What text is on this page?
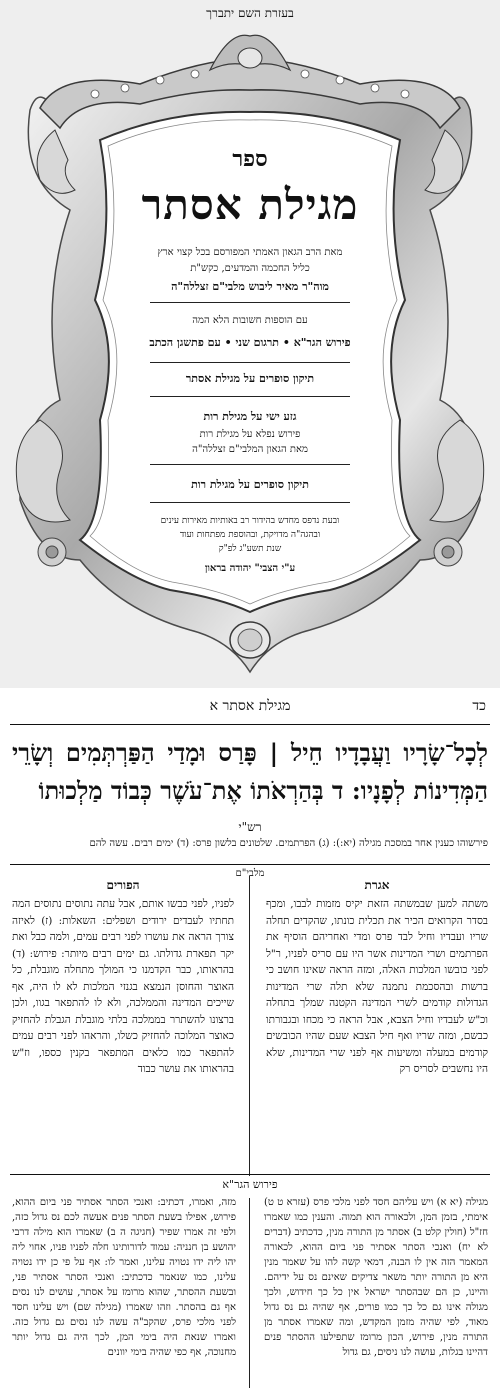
בעזרת השם יתברך
ספר
מגילת אסתר
מאת הרב הגאון האמתי המפורסם בכל קצוי ארץ
כליל החכמה והמדעים, כקש"ת
מוה"ר מאיר ליבוש מלבי"ם זצללה"ה
עם הוספות חשובות הלא המה
פירוש הגר"א • תרגום שני • עם פתשגן הכתב
תיקון סופרים על מגילת אסתר
גזע ישי על מגילת רות
פירוש נפלא על מגילת רות
מאת הגאון המלבי"ם זצללה"ה
תיקון סופרים על מגילת רות
ובעת נדפס מחדש בהידור רב באותיות מאירות עינים
ובהגה"ה מדויקת, ובהוספת מפתחות ועוד
שנת תשע"ג לפ"ק
ע"י הצבי" יהודה בראון
כד
מגילת אסתר א
לְכָל־שָׂרָיו וַעֲבָדָיו חֵיל | פָּרַס וּמָדַי הַפַּרְתְּמִים וְשָׂרֵי הַמְּדִינוֹת לְפָנָיו: ד בְּהַרְאֹתוֹ אֶת־עֹשֶׁר כְּבוֹד מַלְכוּתוֹ
רש"י
פירשוהו כענין אחר במסכת מגילה (יא:): (ג) הפרתמים. שלטונים בלשון פרס: (ד) ימים רבים. עשה להם
מלבי"ם
אגרת
הפורים
משתה למען שבמשתה הזאת יקיס מזמות לבבו, ומכף בסדר הקרואים הכיר את תכלית כונתו, שהקדים תחלה שריו ועבדיו וחיל לבד פרס ומדי ואחריהם הוסיף את הפרתמים ושרי המדינות אשר היו עם סריס לפניו, ר"ל לפני כובשו המלכות האלה, ומזה הראה שאינו חושב כי ברשות ובהסכמת נתמנה שלא תלה שרי המדינות הגדולות קודמים לשרי המדינה הקטנה שמלך בתחלה וכ"ש לעבדיו וחיל הצבא, אבל הראה כי מכחו ובגבורתו כבשם, ומזה שריו ואף חיל הצבא שעם שהיו הכובשים קודמים במעלה ומשיעות אף לפני שרי המדינות, שלא היו נחשבים לסריס רק
לפניו, לפני כבשו אותם, אבל עתה נתוסים נתוסים המה תחתיו לעבדים ירודים ושפלים: השאלות: (ז) לאיזה צורך הראה את עושרו לפני רבים עמים, ולמה כבל ואת יקר תפארת גדולתו. גם ימים רבים מיותר: פירוש: (ד) בהראותו, כבר הקדמנו כי המולך מתחלה מוגבלת, כל האוצר והחוסן הנמצא בגנזי המלכות לא לו היה, אף שייכים המדינה והממלכה, ולא לו להתפאר בגוו, ולכן ברצונו להשתרר בממלכה בלתי מוגבלת הגבלת להחזיק כאוצר המלוכה להחזיק כשלו, והראהו לפני רבים עמים להתפאר כמו כלאים המתפאר בקנין כספו, וז"ש בהראותו את עושר כבוד
פירוש הגר"א
מגילה (יא א) ויש עליהם חסד לפני מלכי פרס (עזרא ט ט) אימתי, בזמן המן, ולכאורה הוא תמוה. והענין כמו שאמרו חז"ל (חולין קלט ב) אסתר מן התורה מנין, כדכתיב (דברים לא יח) ואנכי הסתר אסתיר פני ביום ההוא, לכאורה המאמר הזה אין לו הבנה, דמאי קשה להו על שאמר מנין היא מן התורה יותר משאר צדיקים שאינם נס על ידיהם. והיינו, כן הם שבהסתר ישראל אין כל כך חידוש, ולכך מגולה אינו גם כל כך כמו פורים, אף שהיה גם נס גדול מאוד, לפי שהיה מזמן המקדש, ומה שאמרו אסתר מן התורה מנין, פירוש, הכון מרומז שתפילעו ההסתר פנים דהיינו בגלות, עושה לנו ניסים, גם גדול
מזה, ואמרו, דכתיב: ואנכי הסתר אסתיר פני ביום ההוא, פירוש, אפילו בשעת הסתר פנים אעשה לכם נס גדול כזה, ולפי זה אמרו שפיר (חגיגה ה ב) שאמרו הוא מילה דרבי יהושע בן חנניה: עמוד לדורותינו חלה לפניו פניו, אחוי ליה יהו ליה ידו נטויה עלינו, ואמר לו: אף על פי כן ידו נטויה עלינו, כמו שנאמר כדכתיב: ואנכי הסתר אסתיר פני, ובשעת ההסתר, שהוא מרומז על אסתר, עושים לנו נסים אף גם בהסתר. וזהו שאמרו (מגילה שם) ויש עלינו חסד לפני מלכי פרס, שהקב"ה עשה לנו נסים גם גדול כזה. ואמרו שנאת היה בימי המן, לכך היה גם גדול יותר מחנוכה, אף כפי שהיה בימי יוונים
